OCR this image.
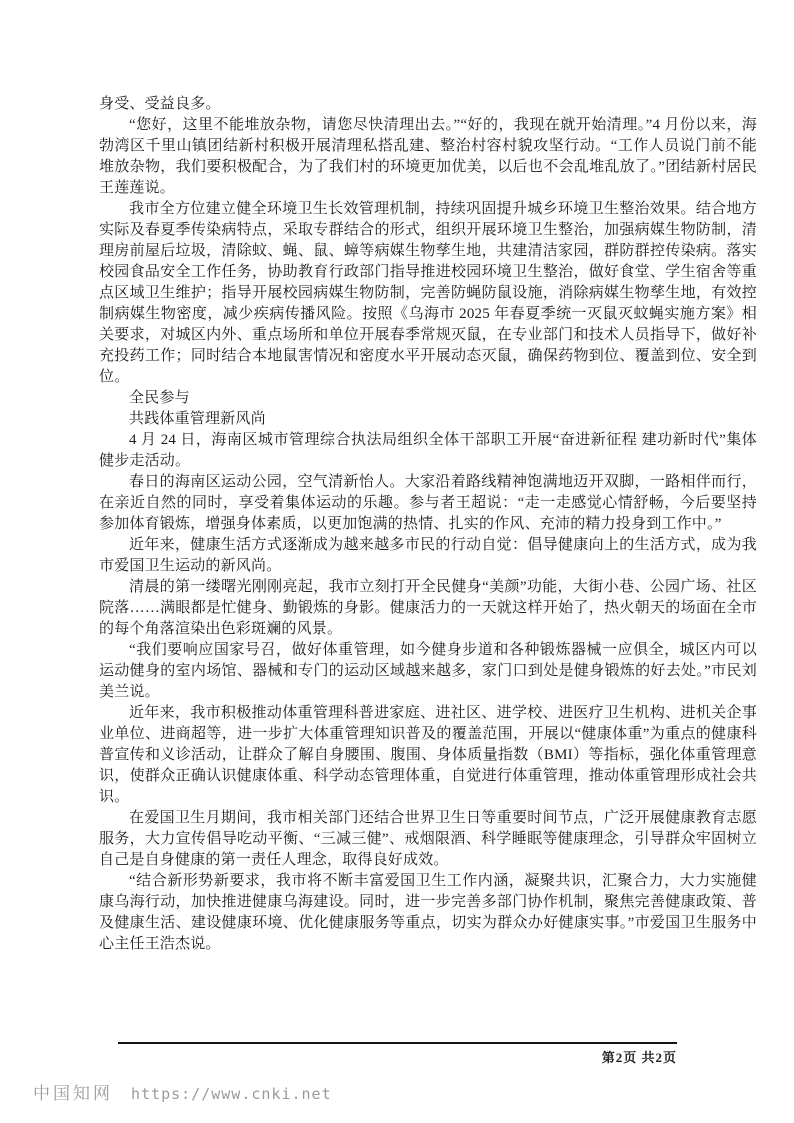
身受、受益良多。

“您好，这里不能堆放杂物，请您尽快清理出去。”“好的，我现在就开始清理。”4 月份以来，海勃湾区千里山镇团结新村积极开展清理私搭乱建、整治村容村貌攻坚行动。“工作人员说门前不能堆放杂物，我们要积极配合，为了我们村的环境更加优美，以后也不会乱堆乱放了。”团结新村居民王莲莲说。

我市全方位建立健全环境卫生长效管理机制，持续巩固提升城乡环境卫生整治效果。结合地方实际及春夏季传染病特点，采取专群结合的形式，组织开展环境卫生整治，加强病媒生物防制，清理房前屋后垃圾，清除蚊、蝇、鼠、蟑等病媒生物孳生地，共建清洁家园，群防群控传染病。落实校园食品安全工作任务，协助教育行政部门指导推进校园环境卫生整治，做好食堂、学生宿舍等重点区域卫生维护；指导开展校园病媒生物防制，完善防蝇防鼠设施，消除病媒生物孳生地，有效控制病媒生物密度，减少疾病传播风险。按照《乌海市 2025 年春夏季统一灭鼠灭蚊蝇实施方案》相关要求，对城区内外、重点场所和单位开展春季常规灭鼠，在专业部门和技术人员指导下，做好补充投药工作；同时结合本地鼠害情况和密度水平开展动态灭鼠，确保药物到位、覆盖到位、安全到位。

全民参与

共践体重管理新风尚

4 月 24 日，海南区城市管理综合执法局组织全体干部职工开展“奋进新征程 建功新时代”集体健步走活动。

春日的海南区运动公园，空气清新怡人。大家沿着路线精神饱满地迈开双脚，一路相伴而行，在亲近自然的同时，享受着集体运动的乐趣。参与者王超说：“走一走感觉心情舒畅，今后要坚持参加体育锻炼，增强身体素质，以更加饱满的热情、扎实的作风、充沛的精力投身到工作中。”

近年来，健康生活方式逐渐成为越来越多市民的行动自觉：倡导健康向上的生活方式，成为我市爱国卫生运动的新风尚。

清晨的第一缕曙光刚刚亮起，我市立刻打开全民健身“美颜”功能，大街小巷、公园广场、社区院落……满眼都是忙健身、勤锻炼的身影。健康活力的一天就这样开始了，热火朝天的场面在全市的每个角落渲染出色彩斑斓的风景。

“我们要响应国家号召，做好体重管理，如今健身步道和各种锻炼器械一应俱全，城区内可以运动健身的室内场馆、器械和专门的运动区域越来越多，家门口到处是健身锻炼的好去处。”市民刘美兰说。

近年来，我市积极推动体重管理科普进家庭、进社区、进学校、进医疗卫生机构、进机关企事业单位、进商超等，进一步扩大体重管理知识普及的覆盖范围，开展以“健康体重”为重点的健康科普宣传和义诊活动，让群众了解自身腰围、腹围、身体质量指数（BMI）等指标，强化体重管理意识，使群众正确认识健康体重、科学动态管理体重，自觉进行体重管理，推动体重管理形成社会共识。

在爱国卫生月期间，我市相关部门还结合世界卫生日等重要时间节点，广泛开展健康教育志愿服务，大力宣传倡导吃动平衡、“三减三健”、戒烟限酒、科学睡眠等健康理念，引导群众牢固树立自己是自身健康的第一责任人理念，取得良好成效。

“结合新形势新要求，我市将不断丰富爱国卫生工作内涵，凝聚共识，汇聚合力，大力实施健康乌海行动，加快推进健康乌海建设。同时，进一步完善多部门协作机制，聚焦完善健康政策、普及健康生活、建设健康环境、优化健康服务等重点，切实为群众办好健康实事。”市爱国卫生服务中心主任王浩杰说。

第2页 共2页
中国知网 https://www.cnki.net
